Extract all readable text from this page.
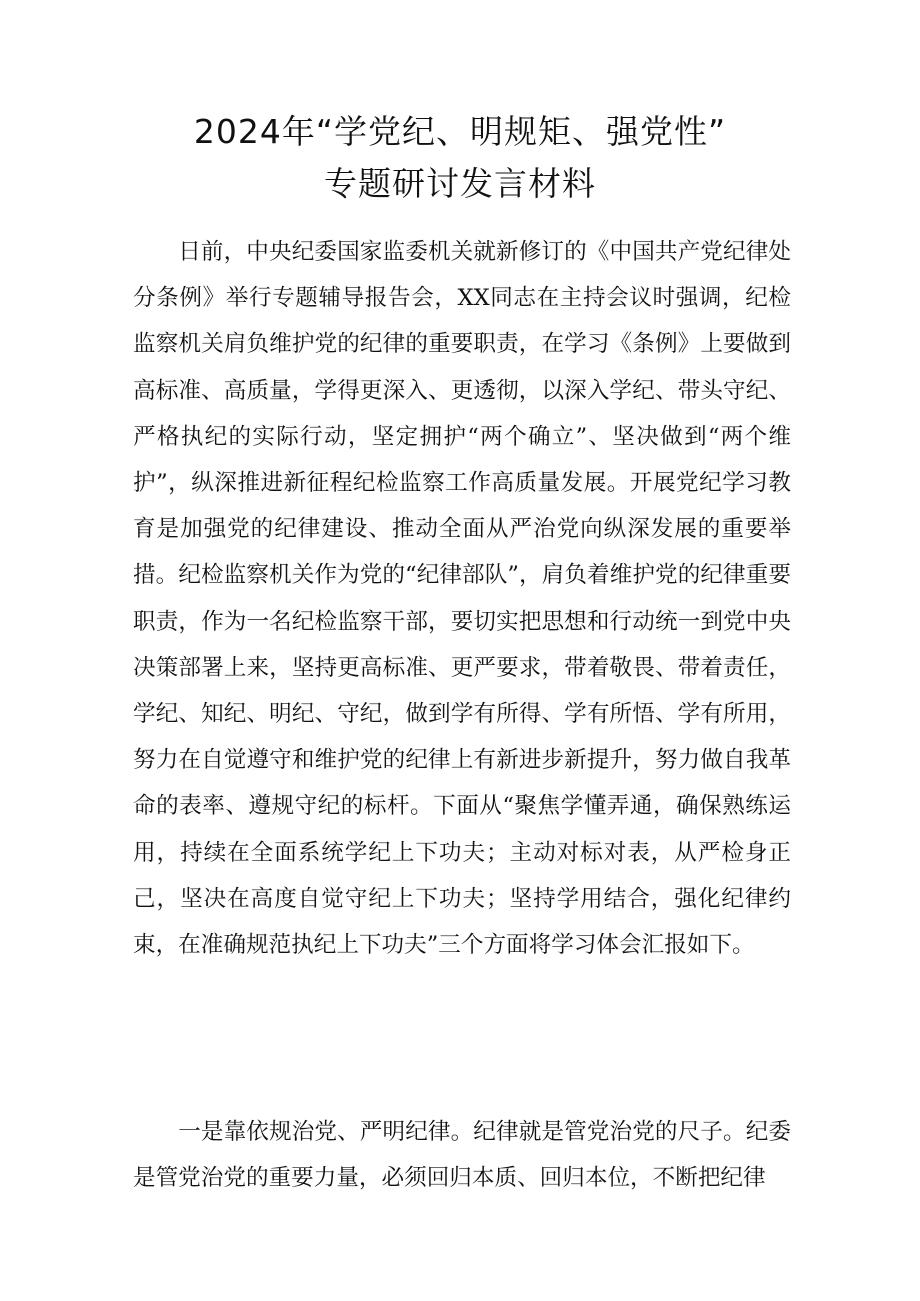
2024年“学党纪、明规矩、强党性”
专题研讨发言材料

日前，中央纪委国家监委机关就新修订的《中国共产党纪律处分条例》举行专题辅导报告会，XX同志在主持会议时强调，纪检监察机关肩负维护党的纪律的重要职责，在学习《条例》上要做到高标准、高质量，学得更深入、更透彻，以深入学纪、带头守纪、严格执纪的实际行动，坚定拥护“两个确立”、坚决做到“两个维护”，纵深推进新征程纪检监察工作高质量发展。开展党纪学习教育是加强党的纪律建设、推动全面从严治党向纵深发展的重要举措。纪检监察机关作为党的“纪律部队”，肩负着维护党的纪律重要职责，作为一名纪检监察干部，要切实把思想和行动统一到党中央决策部署上来，坚持更高标准、更严要求，带着敬畏、带着责任，学纪、知纪、明纪、守纪，做到学有所得、学有所悟、学有所用，努力在自觉遵守和维护党的纪律上有新进步新提升，努力做自我革命的表率、遵规守纪的标杆。下面从“聚焦学懂弄通，确保熟练运用，持续在全面系统学纪上下功夫；主动对标对表，从严检身正己，坚决在高度自觉守纪上下功夫；坚持学用结合，强化纪律约束，在准确规范执纪上下功夫”三个方面将学习体会汇报如下。

一是靠依规治党、严明纪律。纪律就是管党治党的尺子。纪委是管党治党的重要力量，必须回归本质、回归本位，不断把纪律
